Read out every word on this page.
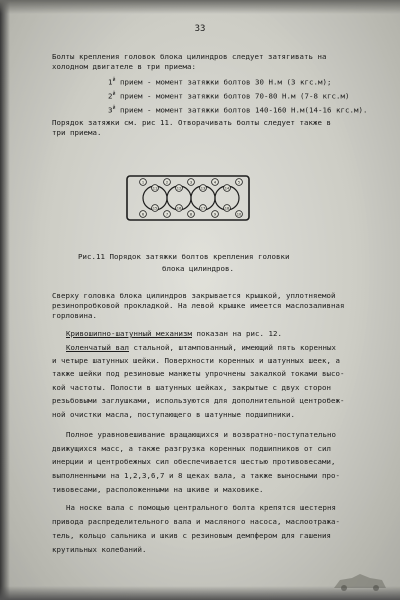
33
Болты крепления головок блока цилиндров следует затягивать на
холодном двигателе в три приема:
$1^й$ прием - момент затяжки болтов 30 Н.м (3 кгс.м);
$2^й$ прием - момент затяжки болтов 70-80 Н.м (7-8 кгс.м)
$3^й$ прием - момент затяжки болтов 140-160 Н.м(14-16 кгс.м).
Порядок затяжки см. рис 11. Отворачивать болты следует также в
три приема.
1	2	3	4	5
6	7	8	9	10
11	12	13	14
15	16	17	18
Рис.11 Порядок затяжки болтов крепления головки
блока цилиндров.
Сверху головка блока цилиндров закрывается крышкой, уплотняемой
резинопробковой прокладкой. На левой крышке имеется маслозаливная
горловина.
Кривошипно-шатунный механизм показан на рис. 12.
Коленчатый вал стальной, штампованный, имеющий пять коренных
и четыре шатунных шейки. Поверхности коренных и шатунных шеек, а
также шейки под резиновые манжеты упрочнены закалкой токами высо-
кой частоты. Полости в шатунных шейках, закрытые с двух сторон
резьбовыми заглушками, используются для дополнительной центробеж-
ной очистки масла, поступающего в шатунные подшипники.
Полное уравновешивание вращающихся и возвратно-поступательно
движущихся масс, а также разгрузка коренных подшипников от сил
инерции и центробежных сил обеспечивается шестью противовесами,
выполненными на 1,2,3,6,7 и 8 щеках вала, а также выносными про-
тивовесами, расположенными на шкиве и маховике.
На носке вала с помощью центрального болта крепятся шестерня
привода распределительного вала и масляного насоса, маслоотража-
тель, кольцо сальника и шкив с резиновым демпфером для гашения
крутильных колебаний.
